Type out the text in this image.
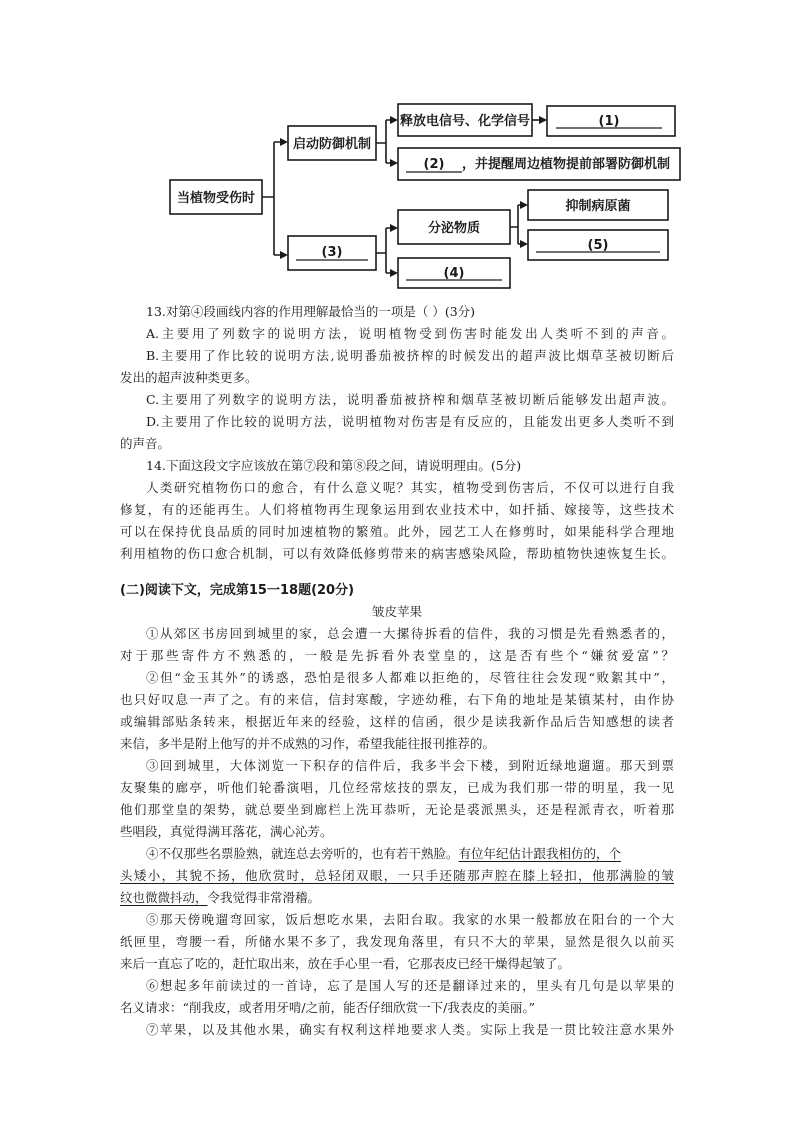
当植物受伤时
启动防御机制
释放电信号、化学信号	(1)
(2) ，并提醒周边植物提前部署防御机制
(3)
分泌物质
抑制病原菌
(5)
(4)

13.对第④段画线内容的作用理解最恰当的一项是（ ）(3分)

A.主要用了列数字的说明方法，说明植物受到伤害时能发出人类听不到的声音。

B.主要用了作比较的说明方法,说明番茄被挤榨的时候发出的超声波比烟草茎被切断后

发出的超声波种类更多。

C.主要用了列数字的说明方法，说明番茄被挤榨和烟草茎被切断后能够发出超声波。

D.主要用了作比较的说明方法，说明植物对伤害是有反应的，且能发出更多人类听不到

的声音。

14.下面这段文字应该放在第⑦段和第⑧段之间，请说明理由。(5分)

人类研究植物伤口的愈合，有什么意义呢？其实，植物受到伤害后，不仅可以进行自我

修复，有的还能再生。人们将植物再生现象运用到农业技术中，如扦插、嫁接等，这些技术

可以在保持优良品质的同时加速植物的繁殖。此外，园艺工人在修剪时，如果能科学合理地

利用植物的伤口愈合机制，可以有效降低修剪带来的病害感染风险，帮助植物快速恢复生长。

(二)阅读下文，完成第15一18题(20分)

皱皮苹果

①从郊区书房回到城里的家，总会遭一大摞待拆看的信件，我的习惯是先看熟悉者的，

对于那些寄件方不熟悉的，一般是先拆看外表堂皇的，这是否有些个“嫌贫爱富”？

②但“金玉其外”的诱惑，恐怕是很多人都难以拒绝的，尽管往往会发现“败絮其中”，

也只好叹息一声了之。有的来信，信封寒酸，字迹幼稚，右下角的地址是某镇某村，由作协

或编辑部贴条转来，根据近年来的经验，这样的信函，很少是读我新作品后告知感想的读者

来信，多半是附上他写的并不成熟的习作，希望我能往报刊推荐的。

③回到城里，大体浏览一下积存的信件后，我多半会下楼，到附近绿地遛遛。那天到票

友聚集的廊亭，听他们轮番演唱，几位经常炫技的票友，已成为我们那一带的明星，我一见

他们那堂皇的架势，就总要坐到廊栏上洗耳恭听，无论是裘派黑头，还是程派青衣，听着那

些唱段，真觉得满耳落花，满心沁芳。

④不仅那些名票脸熟，就连总去旁听的，也有若干熟脸。有位年纪估计跟我相仿的，个

头矮小，其貌不扬，他欣赏时，总轻闭双眼，一只手还随那声腔在膝上轻扣，他那满脸的皱

纹也微微抖动，令我觉得非常滑稽。

⑤那天傍晚遛弯回家，饭后想吃水果，去阳台取。我家的水果一般都放在阳台的一个大

纸匣里，弯腰一看，所储水果不多了，我发现角落里，有只不大的苹果，显然是很久以前买

来后一直忘了吃的，赶忙取出来，放在手心里一看，它那表皮已经干燥得起皱了。

⑥想起多年前读过的一首诗，忘了是国人写的还是翻译过来的，里头有几句是以苹果的

名义请求：“削我皮，或者用牙啃/之前，能否仔细欣赏一下/我表皮的美丽。”

⑦苹果，以及其他水果，确实有权利这样地要求人类。实际上我是一贯比较注意水果外
